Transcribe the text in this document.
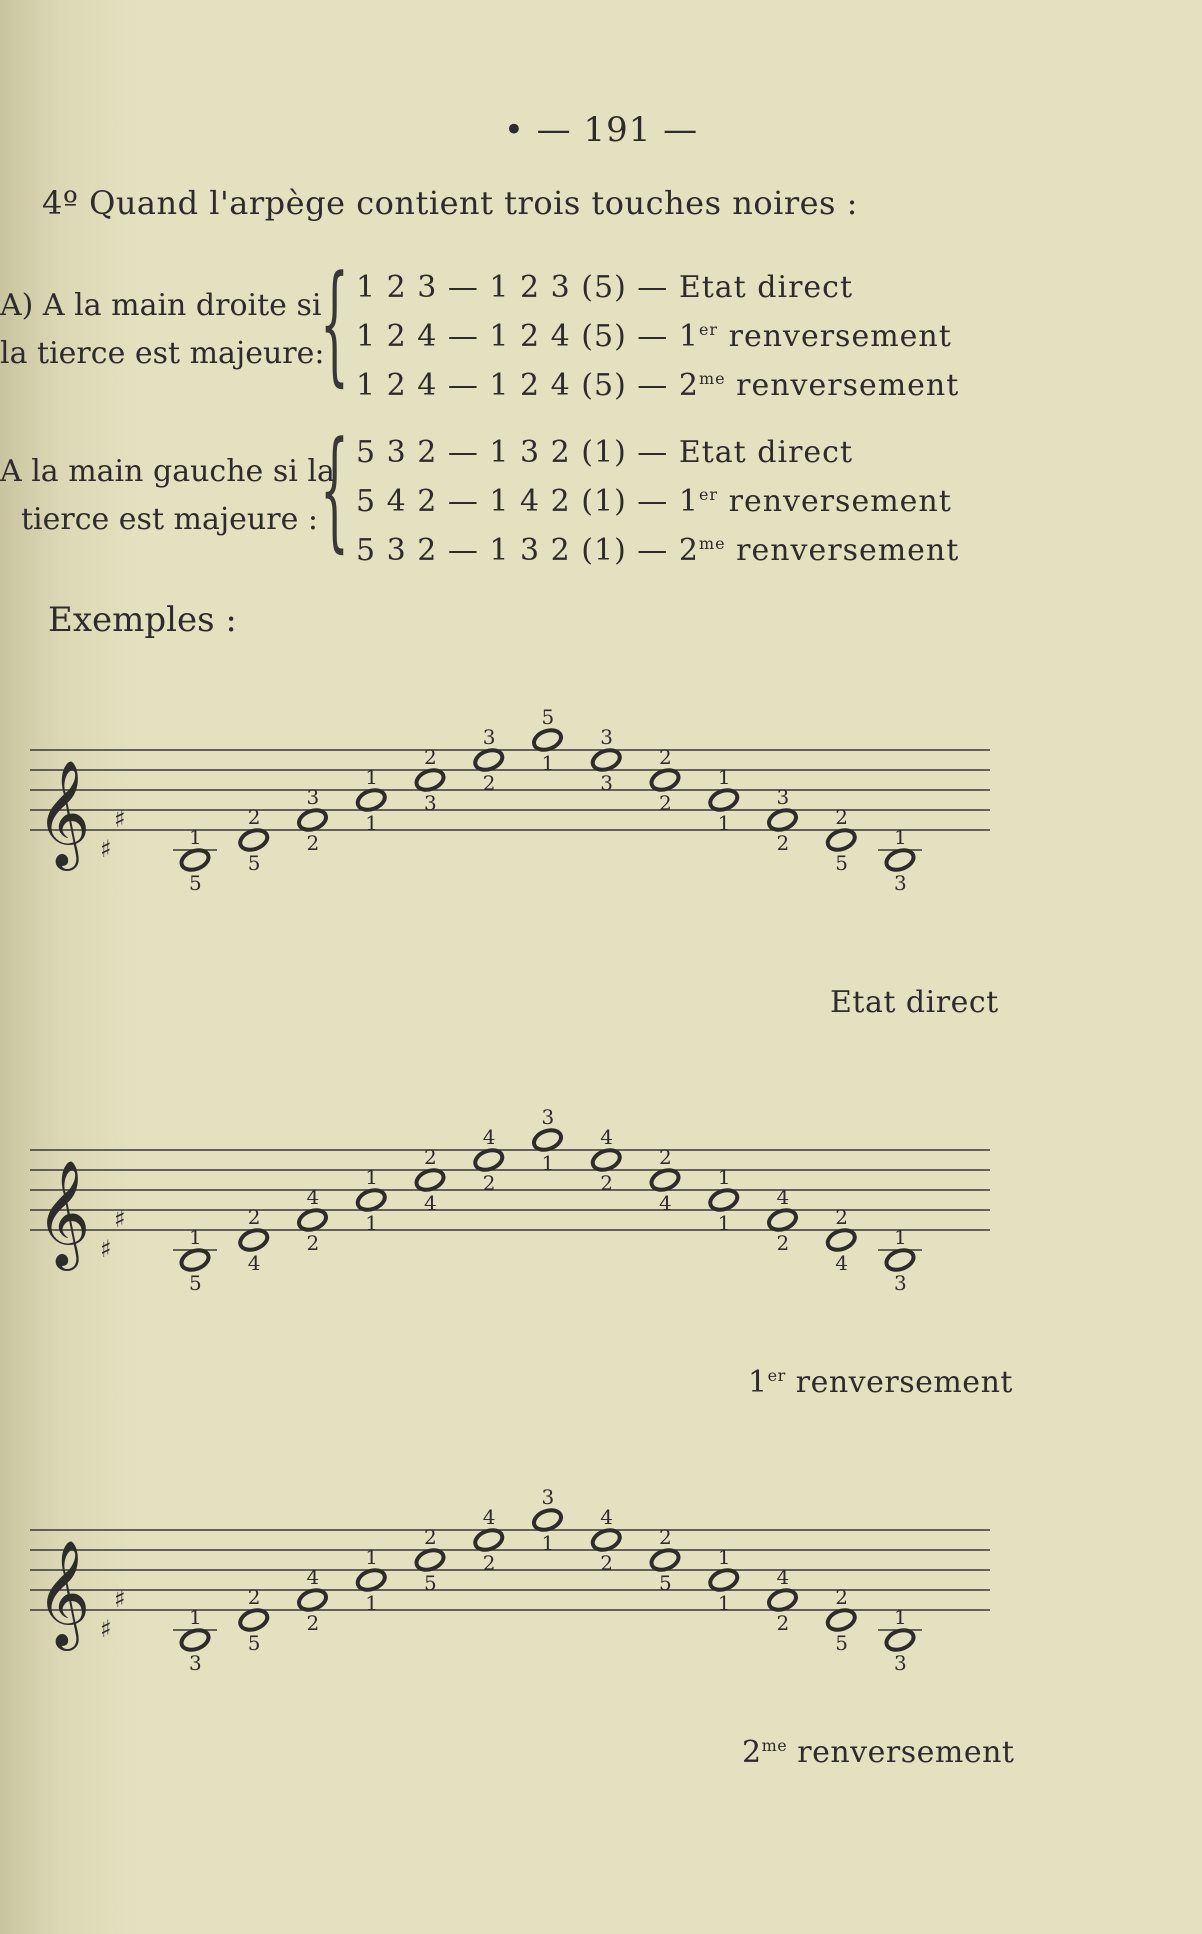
• — 191 —
4º Quand l'arpège contient trois touches noires :
A) A la main droite si
la tierce est majeure:
{ 1 2 3 — 1 2 3 (5) — Etat direct
1 2 4 — 1 2 4 (5) — 1er renversement
1 2 4 — 1 2 4 (5) — $2^{me}$ renversement
A la main gauche si la
tierce est majeure : { 5 3 2 — 1 3 2 (1) — Etat direct
5 4 2 — 1 4 2 (1) — 1er renversement
5 3 2 — 1 3 2 (1) — $2^{me}$ renversement
Exemples :
𝄞 ♯
♯
1
5
2
5
3
2
1
1
2
3
3
2
5
1
3
3
2
2
1
1
3
2
2
5
1
3
Etat direct
𝄞 ♯
♯
1
5
2
4
4
2
1
1
2
4
4
2
3
1
4
2
2
4
1
1
4
2
2
4
1
3
1er renversement
𝄞 ♯
♯
1
3
2
5
4
2
1
1
2
5
4
2
3
1
4
2
2
5
1
1
4
2
2
5
1
3
$2^{me}$ renversement
